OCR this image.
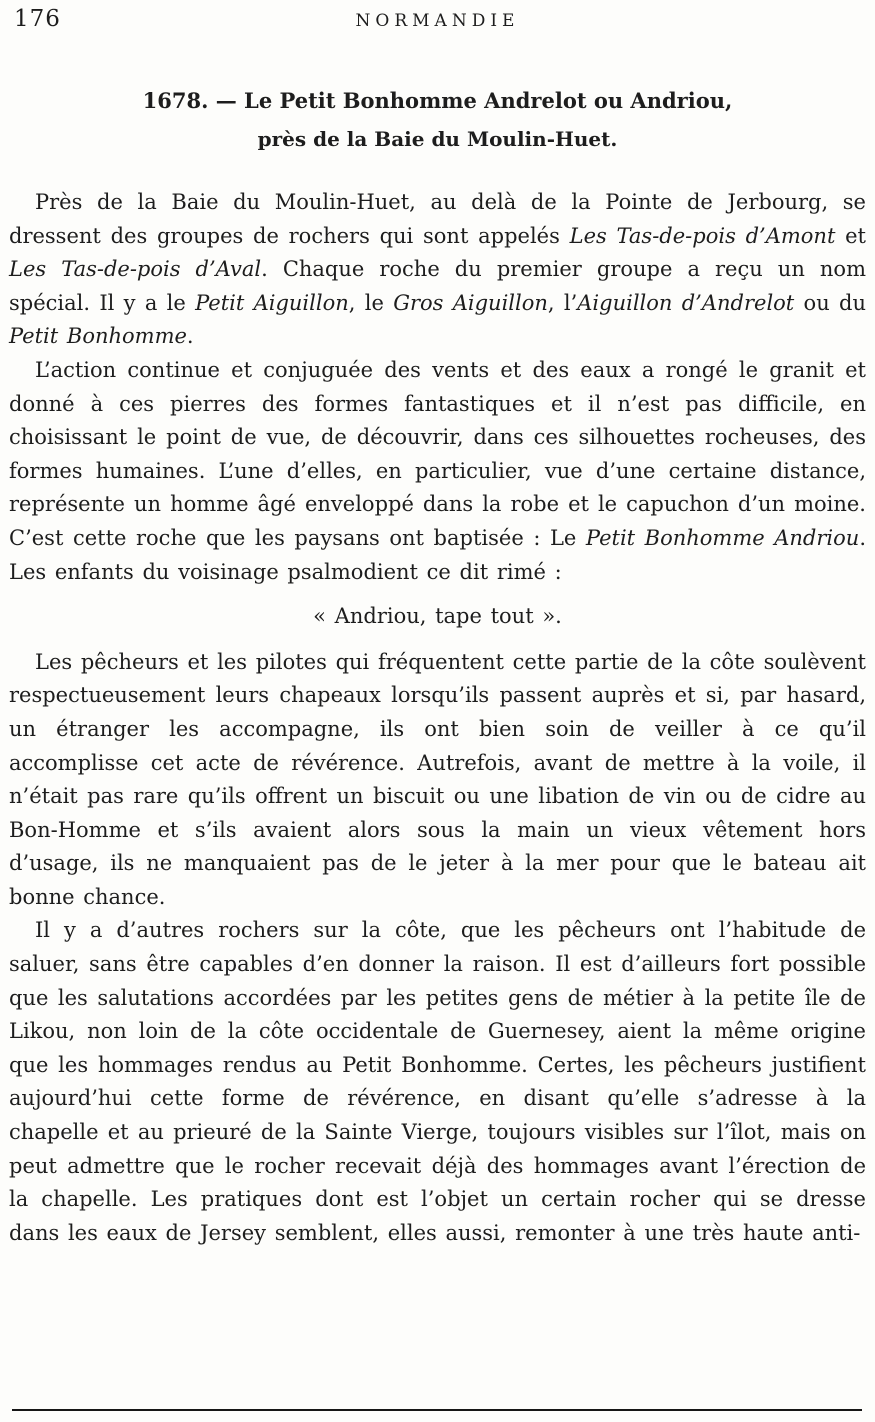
176	NORMANDIE
1678. — Le Petit Bonhomme Andrelot ou Andriou,
près de la Baie du Moulin-Huet.

Près de la Baie du Moulin-Huet, au delà de la Pointe de Jerbourg, se dressent des groupes de rochers qui sont appelés Les Tas-de-pois d’Amont et Les Tas-de-pois d’Aval. Chaque roche du premier groupe a reçu un nom spécial. Il y a le Petit Aiguillon, le Gros Aiguillon, l’Aiguillon d’Andrelot ou du Petit Bonhomme.

L’action continue et conjuguée des vents et des eaux a rongé le granit et donné à ces pierres des formes fantastiques et il n’est pas difficile, en choisissant le point de vue, de découvrir, dans ces silhouettes rocheuses, des formes humaines. L’une d’elles, en particulier, vue d’une certaine distance, représente un homme âgé enveloppé dans la robe et le capuchon d’un moine. C’est cette roche que les paysans ont baptisée : Le Petit Bonhomme Andriou. Les enfants du voisinage psalmodient ce dit rimé :

« Andriou, tape tout ».

Les pêcheurs et les pilotes qui fréquentent cette partie de la côte soulèvent respectueusement leurs chapeaux lorsqu’ils passent auprès et si, par hasard, un étranger les accompagne, ils ont bien soin de veiller à ce qu’il accomplisse cet acte de révérence. Autrefois, avant de mettre à la voile, il n’était pas rare qu’ils offrent un biscuit ou une libation de vin ou de cidre au Bon-Homme et s’ils avaient alors sous la main un vieux vêtement hors d’usage, ils ne manquaient pas de le jeter à la mer pour que le bateau ait bonne chance.

Il y a d’autres rochers sur la côte, que les pêcheurs ont l’habitude de saluer, sans être capables d’en donner la raison. Il est d’ailleurs fort possible que les salutations accordées par les petites gens de métier à la petite île de Likou, non loin de la côte occidentale de Guernesey, aient la même origine que les hommages rendus au Petit Bonhomme. Certes, les pêcheurs justifient aujourd’hui cette forme de révérence, en disant qu’elle s’adresse à la chapelle et au prieuré de la Sainte Vierge, toujours visibles sur l’îlot, mais on peut admettre que le rocher recevait déjà des hommages avant l’érection de la chapelle. Les pratiques dont est l’objet un certain rocher qui se dresse dans les eaux de Jersey semblent, elles aussi, remonter à une très haute anti-
